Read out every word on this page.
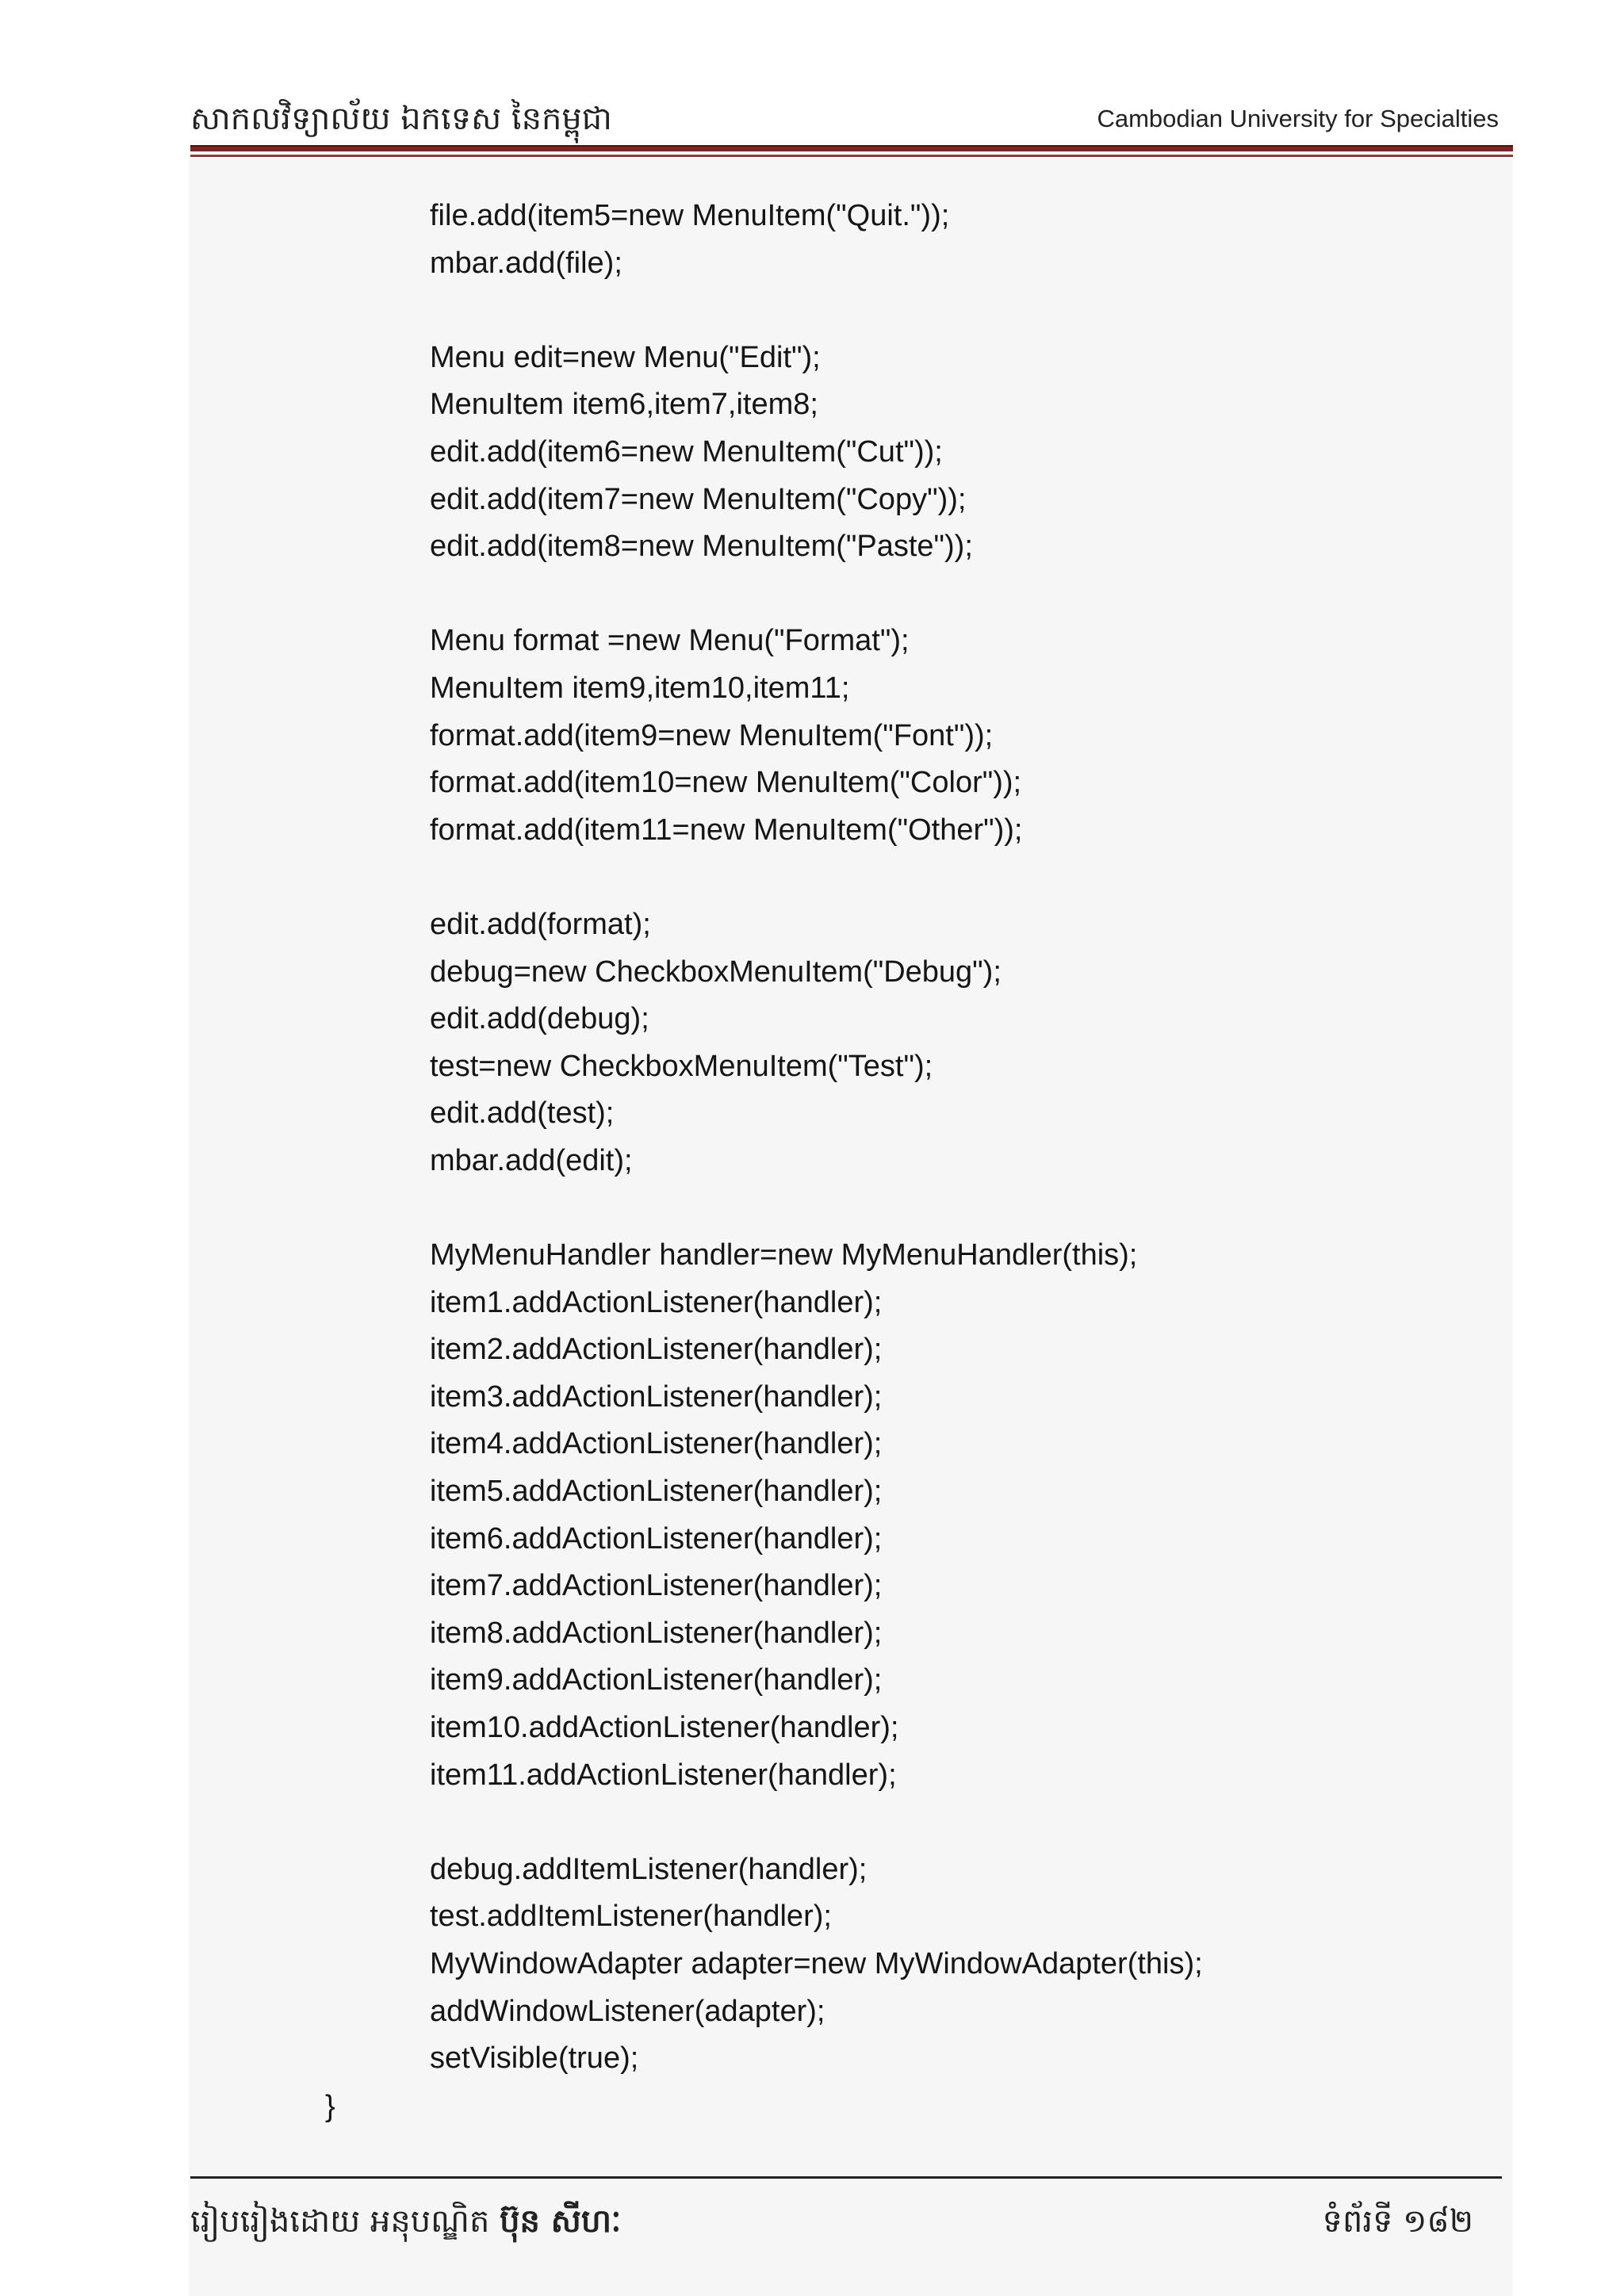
សាកលវិទ្យាល័យ ឯកទេស នៃកម្ពុជា	Cambodian University for Specialties
file.add(item5=new MenuItem("Quit."));
mbar.add(file);
Menu edit=new Menu("Edit");
MenuItem item6,item7,item8;
edit.add(item6=new MenuItem("Cut"));
edit.add(item7=new MenuItem("Copy"));
edit.add(item8=new MenuItem("Paste"));
Menu format =new Menu("Format");
MenuItem item9,item10,item11;
format.add(item9=new MenuItem("Font"));
format.add(item10=new MenuItem("Color"));
format.add(item11=new MenuItem("Other"));
edit.add(format);
debug=new CheckboxMenuItem("Debug");
edit.add(debug);
test=new CheckboxMenuItem("Test");
edit.add(test);
mbar.add(edit);
MyMenuHandler handler=new MyMenuHandler(this);
item1.addActionListener(handler);
item2.addActionListener(handler);
item3.addActionListener(handler);
item4.addActionListener(handler);
item5.addActionListener(handler);
item6.addActionListener(handler);
item7.addActionListener(handler);
item8.addActionListener(handler);
item9.addActionListener(handler);
item10.addActionListener(handler);
item11.addActionListener(handler);
debug.addItemListener(handler);
test.addItemListener(handler);
MyWindowAdapter adapter=new MyWindowAdapter(this);
addWindowListener(adapter);
setVisible(true);
}
រៀបរៀងដោយ អនុបណ្ឌិត ប៊ុន សីហៈ	ទំព័រទី ១៨២
